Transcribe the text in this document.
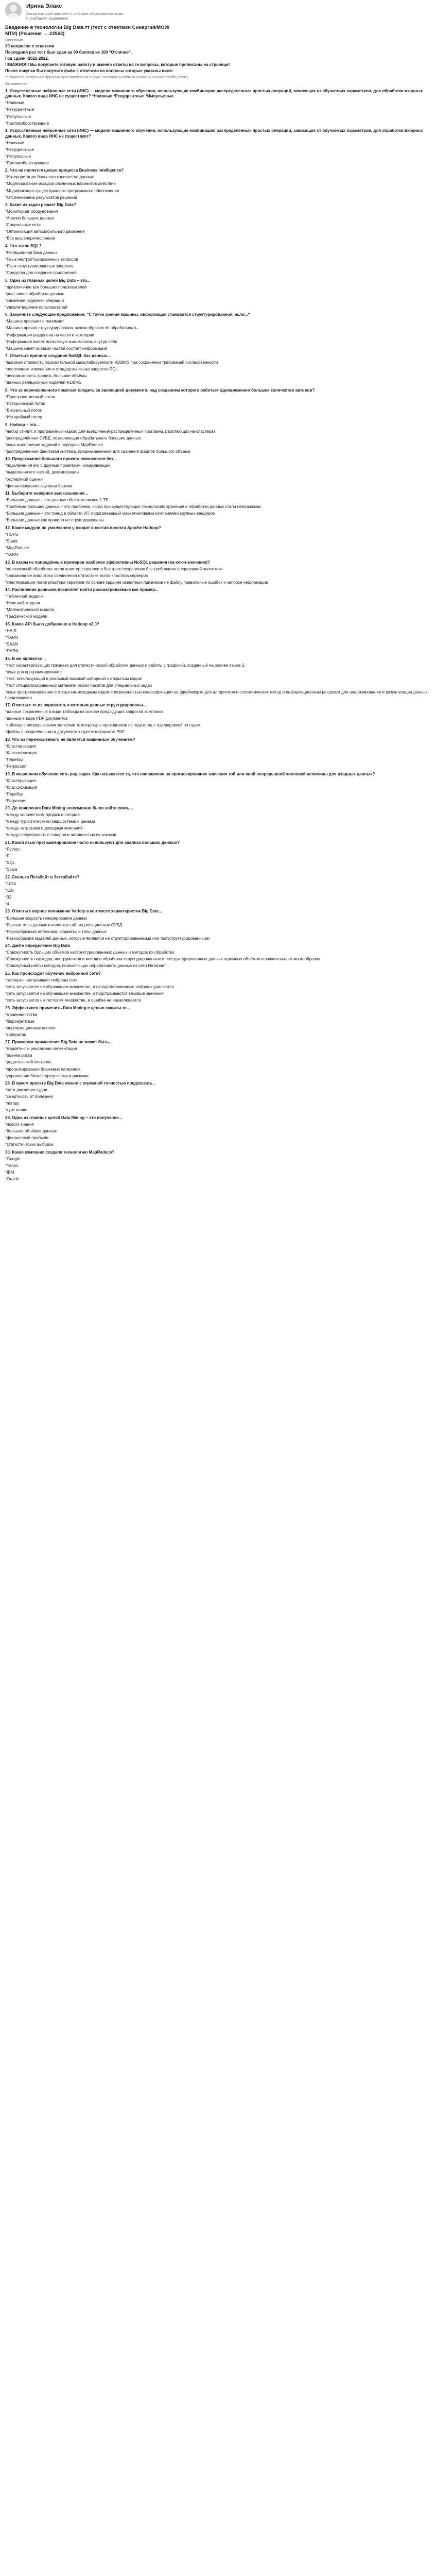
Ирина Элакс
Автор который поможет с любыми образовательными и учебными заданиями
Введение в технологии Big Data.тт (тест с ответами Синергия/МОИ/ МТИ) (Решение → 23563)
Описание
30 вопросов с ответами
Последний раз тест был сдан на 90 баллов из 100 "Отлично".
Год сдачи -2021-2022.
!!!ВАЖНО!!! Вы покупаете готовую работу и именно ответы на те вопросы, которые прописаны на странице!
После покупки Вы получите файл с ответами на вопросы которые указаны ниже:
***(Купить вопросы с другими предлагаемым случай тестов онлайн пишите в личные сообщения )
Оглавление
1. Искусственные нейронные сети (ИНС) — модели машинного обучения, использующие комбинацию распределенных простых операций, зависящих от обучаемых параметров, для обработки входных данных. Какого вида ИНС не существует? *Наивные *Рекуррентные *Импульсные
*Наивные
*Рекуррентные
*Импульсные
*Противоборствующие
1. Искусственные нейронные сети (ИНС) — модели машинного обучения, использующие комбинацию распределенных простых операций, зависящих от обучаемых параметров, для обработки входных данных. Какого вида ИНС не существует?
*Наивные
*Рекуррентные
*Импульсные
*Противоборствующие
2. Что не является целью процесса Business Intelligence?
*Интерпретация большого количества данных
*Моделирование исходов различных вариантов действий
*Модификация существующего программного обеспечения
*Отслеживание результатов решений
3. Какие из задач решает Big Data?
*Мониторинг оборудования
*Анализ больших данных
*Социальные сети
*Оптимизация автомобильного движения
*Все вышеперечисленное
4. Что такое SQL?
*Реляционная база данных
*Язык неструктурированных запросов
*Язык структурированных запросов
*Средства для создания приложений
5. Одна из главных целей Big Data – это...
*привлечение все больших пользователей
*рост числа обработки данных
*снижение издержек операций
*удовлетворение пользователей
6. Закончите следующее предложение: "С точки зрения машины, информация становится структурированной, если..."
*Машина признает и понимает
*Машина прочно структурированна, каким образом её обрабатывать
*Информация разделена на части и категории
*Информация имеет логическую взаимосвязь внутри себя
*Машина знает из каких частей состоит информация
7. Отметьте причину создания NoSQL баз данных...
*высокая стоимость горизонтальной масштабируемости RDBMS при сохранении требований согласованности
*постоянные изменения в стандартах языка запросов SQL
*невозможность хранить большие объёмы
*данных реляционных моделей RDBMS
8. Что за перечисленного помогает следить за эволюцией документа, над созданием которого работает одновременно большое количество авторов?
*Пространственный поток
*Исторический поток
*Визуальный поток
*Историйный поток
9. Hadoop – это...
*набор утилит, и программных каркас для выполнения распределённых программ, работающих на кластерах
*распределённая СУБД, позволяющая обрабатывать большие данные
*язык выполнения заданий и передачи MapReduce
*распределённая файловая система, предназначенная для хранения файлов большого объёма
10. Предсказание большого проекта невозможен без...
*подключения его с другими проектами, коммуникации
*выделения его частей, декомпозиции
*экспертной оценки
*финансирования крупным банком
11. Выберите неверное высказывание...
*Большие данные – это данные объёмом свыше 1 ТБ
*Проблема больших данных – это проблема, когда при существующих технологиях хранения и обработки данных стали невозможны
*Большие данные – это тренд в области ИТ, подогреваемый маркетинговыми компаниями крупных вендоров
*Большие данные как правило не структурированы
12. Какие модули по умолчанию у входит в состав проекта Apache Hadoop?
*HDFS
*Spark
*MapReduce
*YARN
13. В каком из приведённых примеров наиболее эффективны NoSQL решения (на ключ-значение)?
*долговечный обработка логов кластер серверов и быстрого сохранения без требования оперативной аналитики
*запоминание аналитики соединения статистики логов кластера серверов
*кластеризации логов кластера серверов по основе заранее известных признаков не файлу правильные ошибок и запросе информации
14. Распиление данными позволяет найти рассматриваемый как пример...
*Табличной модели
*Нечеткой модели
*Математической модели
*Графической модели
15. Какое API было добавлено в Hadoop v2.0?
*HAIR
*YARN
*SAAN
*DARN
16. В же являются...
*тест характеризующих признаки для статистической обработки данных и работы с графикой, созданный на основе языка S
*язык для программирования
*тест, использующий в реальный высокий наборный с открытым кодом
*тест специализированных математических пакетов для специальных задач
*язык программирования с открытым исходным кодом с возможностью классификации на фреймворки для алгоритмов и статистических метод и информационным ресурсом для анализирования и визуализации данных предназначен
17. Отметьте то из вариантов, к которым данные структурированы...
*данные сохранённые в виде таблицы на основе предыдущих запросов компании
*данные в виде PDF документов
*таблица с непрерывными записями температуры проводников из года в год с группировкой по годам
*файлы с разделёнными в документе к группе в формате PDF
18. Что из перечисленного не является машинным обучением?
*Кластеризация
*Классификация
*Перебор
*Регрессия
19. В машинном обучении есть ряд задач. Как называется та, что направлена на прогнозирование значения той или иной непрерывной числовой величины для входных данных?
*Кластеризация
*Классификация
*Перебор
*Регрессия
20. До появления Data Mining невозможно было найти связь...
*между количеством продаж и погодой
*между туристическими маршрутами и ценами
*между затратами и доходами компаний
*между популярностью товаров и активностью их заказов
21. Какой язык программирования часто используют для анализа больших данных?
*Python
*R
*SQL
*Scala
22. Сколько Петабайт в Зеттабайте?
*1024
*128
*32
*4
23. Отметьте верное понимание Variety в контексте характеристик Big Data...
*Большая скорость генерирования данных
*Разные типы данных в колонках таблиц реляционных СУБД
*Разнообразные источники, форматы и типы данных
*Разнообразие моделей данных, которые являются не структурированными или полуструктурированными
24. Дайте определение Big Data
*Совокупность больших объёмов неструктурированных данных и методов их обработки
*Совокупность подходов, инструментов и методов обработки структурированных и неструктурированных данных огромных объёмов и значительного многообразия
*Совокупный набор методов, позволяющих обрабатывать данные из сети Интернет
25. Как происходит обучение нейронной сети?
*эксперты настраивают нейроны сети
*сеть запускается на обучающем множестве, и незадействованные нейроны удаляются
*сеть запускается на обучающем множестве, и подстраиваются весовые значения
*сеть запускается на тестовом множестве, и ошибка не накапливается
26. Эффективен применить Data Mining с целью защиты от...
*мошенничества
*бюрократизма
*информационных клонов
*кибератак
27. Примером применения Big Data не может быть...
*маркетинг и рекламная сегментация
*оценка риска
*родительский контроль
*прогнозирование биржевых котировок
*управление бизнес-процессами и рисками
28. В ярком проекте Big Data можно с огромной точностью предсказать...
*пути движения судов
*смертность от болезней
*погоду
*курс валют
29. Одна из главных целей Data Mining – это получение...
*нового знания
*больших объёмов данных
*финансовой прибыли
*статистических выборок
30. Какая компания создала технологию MapReduce?
*Google
*Yahoo
*IBM
*Oracle
